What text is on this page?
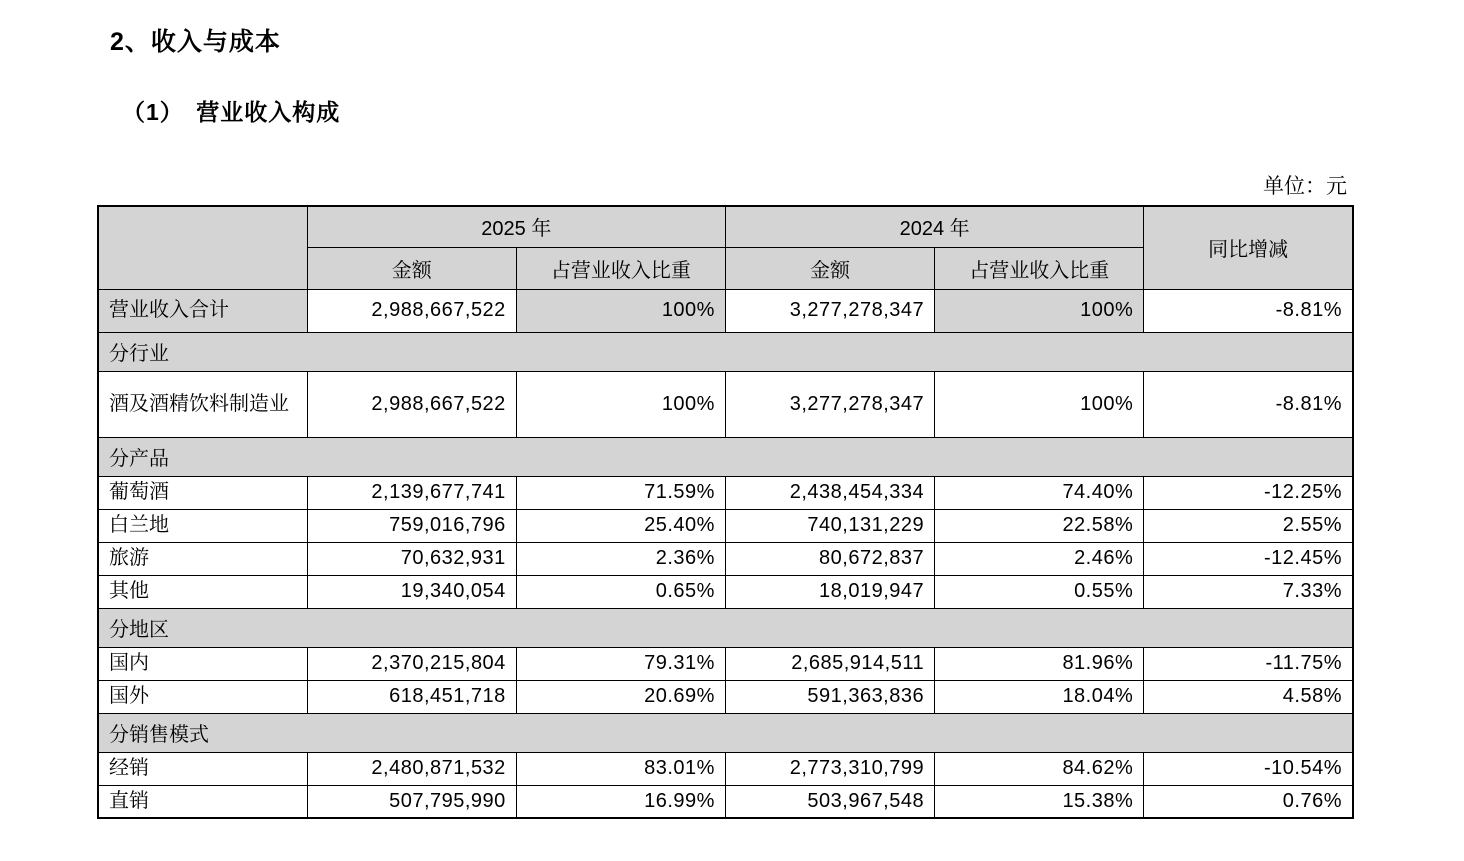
2、收入与成本
（1）　营业收入构成
单位：元
	2025 年		2024 年		同比增减
	金额	占营业收入比重	金额	占营业收入比重	
营业收入合计	2,988,667,522	100%	3,277,278,347	100%	-8.81%
分行业					
酒及酒精饮料制造业	2,988,667,522	100%	3,277,278,347	100%	-8.81%
分产品					
葡萄酒	2,139,677,741	71.59%	2,438,454,334	74.40%	-12.25%
白兰地	759,016,796	25.40%	740,131,229	22.58%	2.55%
旅游	70,632,931	2.36%	80,672,837	2.46%	-12.45%
其他	19,340,054	0.65%	18,019,947	0.55%	7.33%
分地区					
国内	2,370,215,804	79.31%	2,685,914,511	81.96%	-11.75%
国外	618,451,718	20.69%	591,363,836	18.04%	4.58%
分销售模式					
经销	2,480,871,532	83.01%	2,773,310,799	84.62%	-10.54%
直销	507,795,990	16.99%	503,967,548	15.38%	0.76%
